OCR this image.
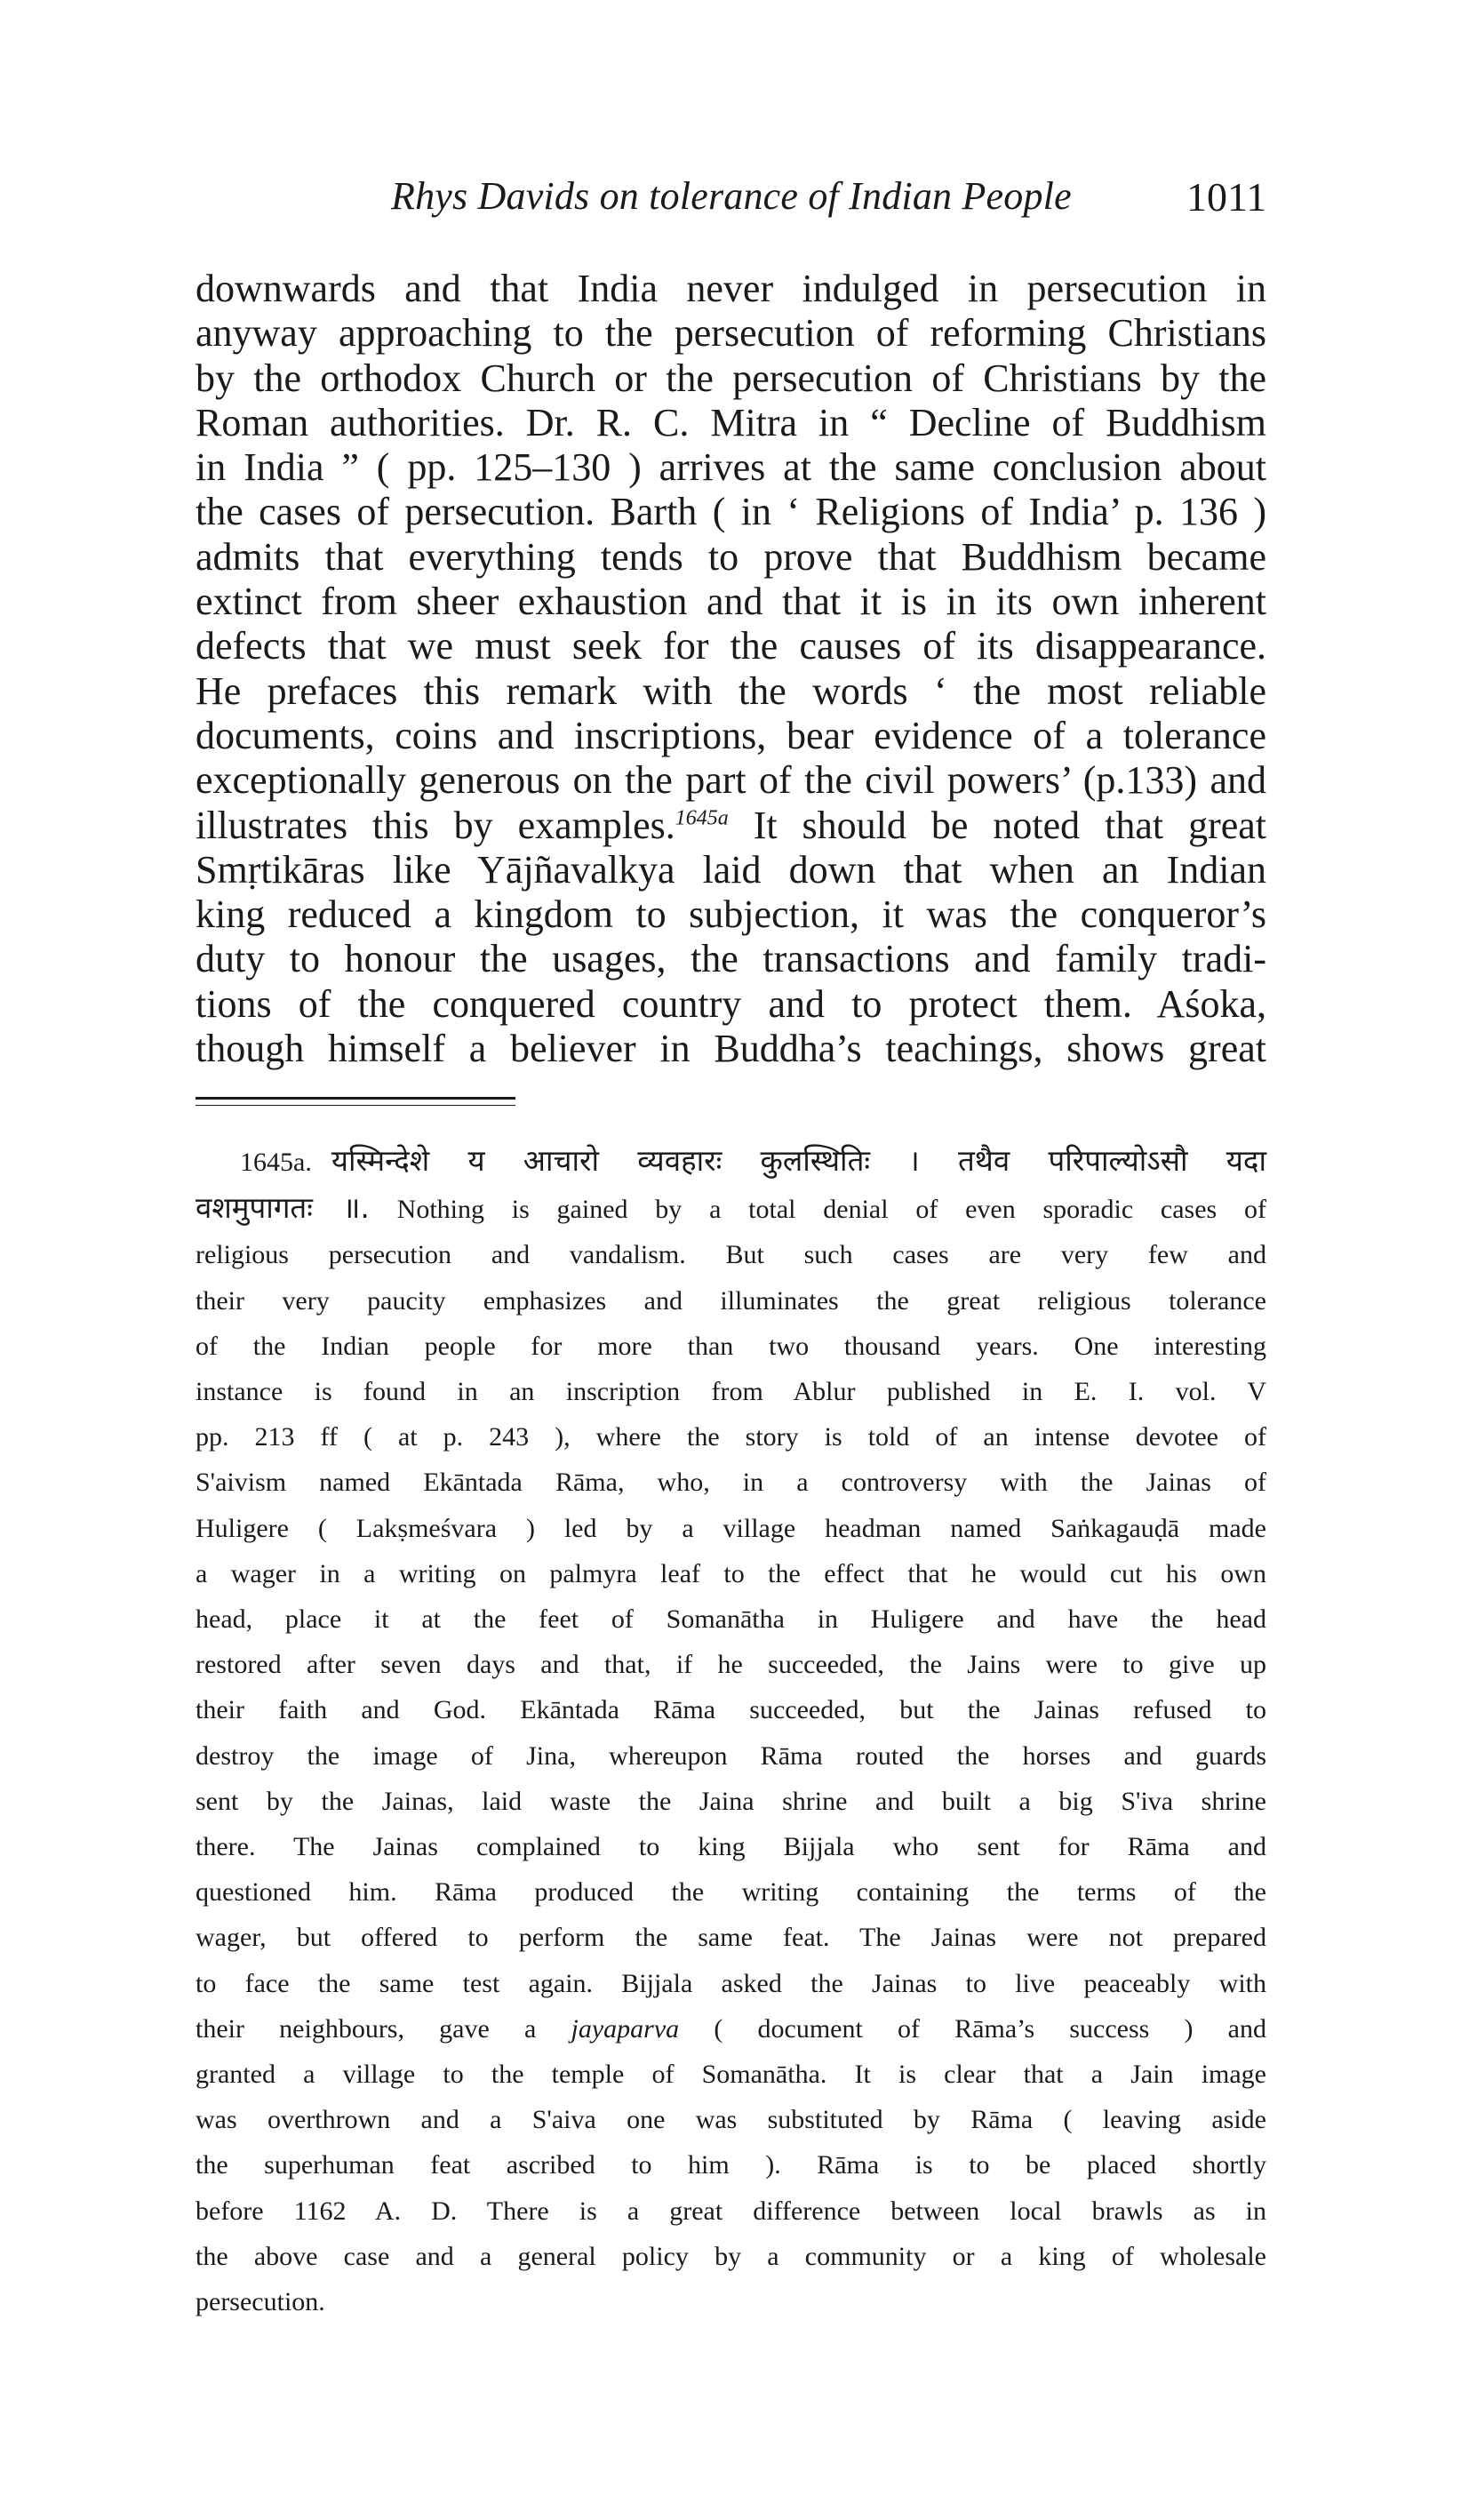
Rhys Davids on tolerance of Indian People	1011
downwards and that India never indulged in persecution in
anyway approaching to the persecution of reforming Christians
by the orthodox Church or the persecution of Christians by the
Roman authorities. Dr. R. C. Mitra in “ Decline of Buddhism
in India ” ( pp. 125–130 ) arrives at the same conclusion about
the cases of persecution. Barth ( in ‘ Religions of India’ p. 136 )
admits that everything tends to prove that Buddhism became
extinct from sheer exhaustion and that it is in its own inherent
defects that we must seek for the causes of its disappearance.
He prefaces this remark with the words ‘ the most reliable
documents, coins and inscriptions, bear evidence of a tolerance
exceptionally generous on the part of the civil powers’ (p.133) and
illustrates this by examples.$^{1645a}$ It should be noted that great
Smṛtikāras like Yājñavalkya laid down that when an Indian
king reduced a kingdom to subjection, it was the conqueror’s
duty to honour the usages, the transactions and family tradi-
tions of the conquered country and to protect them. Aśoka,
though himself a believer in Buddha’s teachings, shows great
1645a. यस्मिन्देशे य आचारो व्यवहारः कुलस्थितिः । तथैव परिपाल्योऽसौ यदा
वशमुपागतः ॥. Nothing is gained by a total denial of even sporadic cases of
religious persecution and vandalism. But such cases are very few and
their very paucity emphasizes and illuminates the great religious tolerance
of the Indian people for more than two thousand years. One interesting
instance is found in an inscription from Ablur published in E. I. vol. V
pp. 213 ff ( at p. 243 ), where the story is told of an intense devotee of
S'aivism named Ekāntada Rāma, who, in a controversy with the Jainas of
Huligere ( Lakṣmeśvara ) led by a village headman named Saṅkagauḍā made
a wager in a writing on palmyra leaf to the effect that he would cut his own
head, place it at the feet of Somanātha in Huligere and have the head
restored after seven days and that, if he succeeded, the Jains were to give up
their faith and God. Ekāntada Rāma succeeded, but the Jainas refused to
destroy the image of Jina, whereupon Rāma routed the horses and guards
sent by the Jainas, laid waste the Jaina shrine and built a big S'iva shrine
there. The Jainas complained to king Bijjala who sent for Rāma and
questioned him. Rāma produced the writing containing the terms of the
wager, but offered to perform the same feat. The Jainas were not prepared
to face the same test again. Bijjala asked the Jainas to live peaceably with
their neighbours, gave a jayaparva ( document of Rāma’s success ) and
granted a village to the temple of Somanātha. It is clear that a Jain image
was overthrown and a S'aiva one was substituted by Rāma ( leaving aside
the superhuman feat ascribed to him ). Rāma is to be placed shortly
before 1162 A. D. There is a great difference between local brawls as in
the above case and a general policy by a community or a king of wholesale
persecution.
